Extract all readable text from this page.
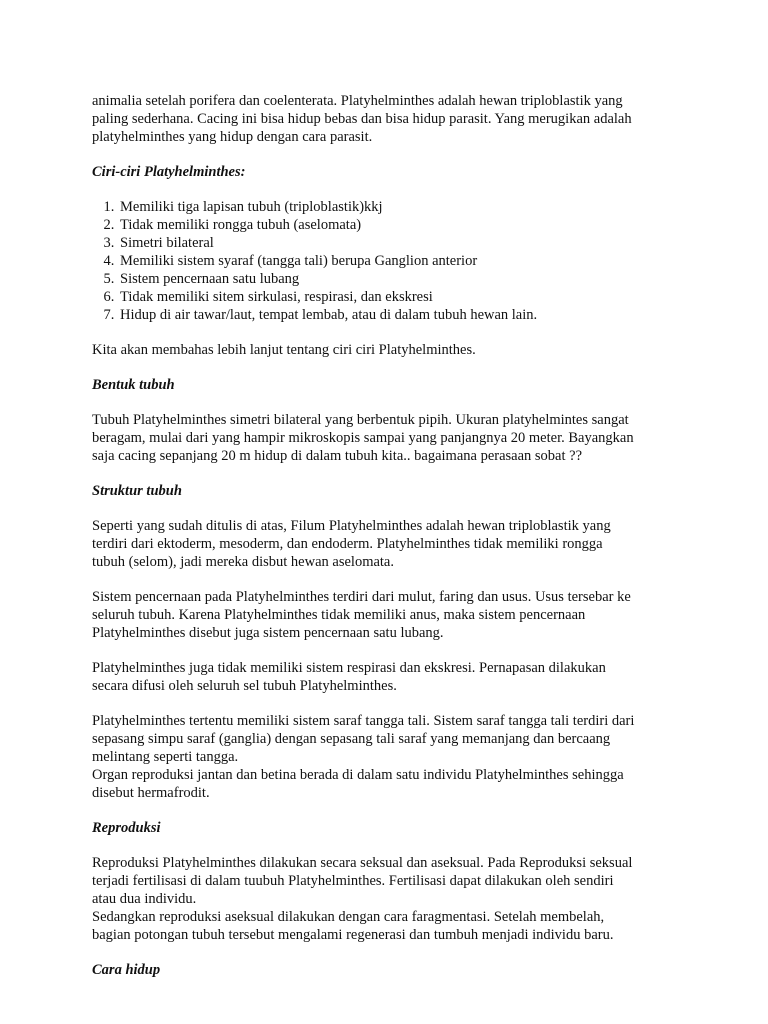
animalia setelah porifera dan coelenterata. Platyhelminthes adalah hewan triploblastik yang
paling sederhana. Cacing ini bisa hidup bebas dan bisa hidup parasit. Yang merugikan adalah
platyhelminthes yang hidup dengan cara parasit.

Ciri-ciri Platyhelminthes:

1. Memiliki tiga lapisan tubuh (triploblastik)kkj
2. Tidak memiliki rongga tubuh (aselomata)
3. Simetri bilateral
4. Memiliki sistem syaraf (tangga tali) berupa Ganglion anterior
5. Sistem pencernaan satu lubang
6. Tidak memiliki sitem sirkulasi, respirasi, dan ekskresi
7. Hidup di air tawar/laut, tempat lembab, atau di dalam tubuh hewan lain.

Kita akan membahas lebih lanjut tentang ciri ciri Platyhelminthes.

Bentuk tubuh

Tubuh Platyhelminthes simetri bilateral yang berbentuk pipih. Ukuran platyhelmintes sangat
beragam, mulai dari yang hampir mikroskopis sampai yang panjangnya 20 meter. Bayangkan
saja cacing sepanjang 20 m hidup di dalam tubuh kita.. bagaimana perasaan sobat ??

Struktur tubuh

Seperti yang sudah ditulis di atas, Filum Platyhelminthes adalah hewan triploblastik yang
terdiri dari ektoderm, mesoderm, dan endoderm. Platyhelminthes tidak memiliki rongga
tubuh (selom), jadi mereka disbut hewan aselomata.

Sistem pencernaan pada Platyhelminthes terdiri dari mulut, faring dan usus. Usus tersebar ke
seluruh tubuh. Karena Platyhelminthes tidak memiliki anus, maka sistem pencernaan
Platyhelminthes disebut juga sistem pencernaan satu lubang.

Platyhelminthes juga tidak memiliki sistem respirasi dan ekskresi. Pernapasan dilakukan
secara difusi oleh seluruh sel tubuh Platyhelminthes.

Platyhelminthes tertentu memiliki sistem saraf tangga tali. Sistem saraf tangga tali terdiri dari
sepasang simpu saraf (ganglia) dengan sepasang tali saraf yang memanjang dan bercaang
melintang seperti tangga.
Organ reproduksi jantan dan betina berada di dalam satu individu Platyhelminthes sehingga
disebut hermafrodit.

Reproduksi

Reproduksi Platyhelminthes dilakukan secara seksual dan aseksual. Pada Reproduksi seksual
terjadi fertilisasi di dalam tuubuh Platyhelminthes. Fertilisasi dapat dilakukan oleh sendiri
atau dua individu.
Sedangkan reproduksi aseksual dilakukan dengan cara faragmentasi. Setelah membelah,
bagian potongan tubuh tersebut mengalami regenerasi dan tumbuh menjadi individu baru.

Cara hidup
